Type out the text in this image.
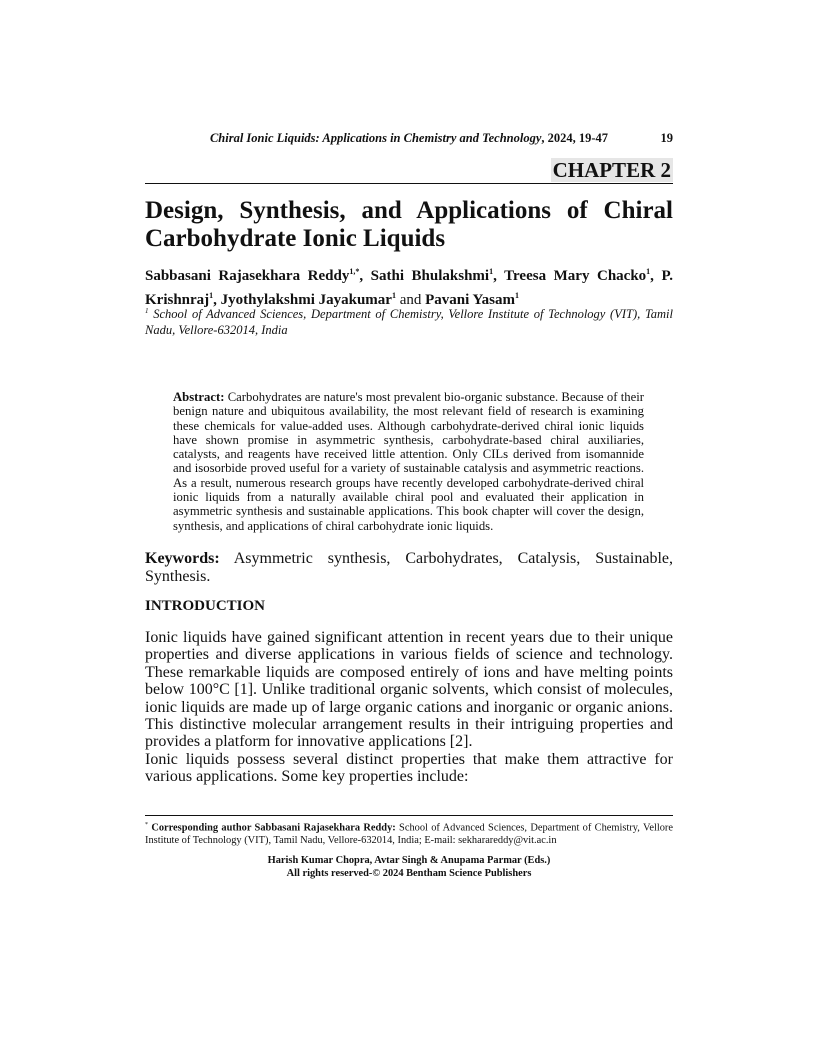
Chiral Ionic Liquids: Applications in Chemistry and Technology, 2024, 19-47	19
CHAPTER 2
Design, Synthesis, and Applications of Chiral
Carbohydrate Ionic Liquids
Sabbasani Rajasekhara Reddy$^{1,*}$, Sathi Bhulakshmi$^1$, Treesa Mary Chacko$^1$, P. Krishnraj$^1$, Jyothylakshmi Jayakumar$^1$ and Pavani Yasam$^1$
$^1$ School of Advanced Sciences, Department of Chemistry, Vellore Institute of Technology (VIT), Tamil Nadu, Vellore-632014, India
Abstract: Carbohydrates are nature's most prevalent bio-organic substance. Because of their benign nature and ubiquitous availability, the most relevant field of research is examining these chemicals for value-added uses. Although carbohydrate-derived chiral ionic liquids have shown promise in asymmetric synthesis, carbohydrate-based chiral auxiliaries, catalysts, and reagents have received little attention. Only CILs derived from isomannide and isosorbide proved useful for a variety of sustainable catalysis and asymmetric reactions. As a result, numerous research groups have recently developed carbohydrate-derived chiral ionic liquids from a naturally available chiral pool and evaluated their application in asymmetric synthesis and sustainable applications. This book chapter will cover the design, synthesis, and applications of chiral carbohydrate ionic liquids.
Keywords: Asymmetric synthesis, Carbohydrates, Catalysis, Sustainable, Synthesis.
INTRODUCTION
Ionic liquids have gained significant attention in recent years due to their unique properties and diverse applications in various fields of science and technology. These remarkable liquids are composed entirely of ions and have melting points below 100°C [1]. Unlike traditional organic solvents, which consist of molecules, ionic liquids are made up of large organic cations and inorganic or organic anions. This distinctive molecular arrangement results in their intriguing properties and provides a platform for innovative applications [2].
Ionic liquids possess several distinct properties that make them attractive for various applications. Some key properties include:
* Corresponding author Sabbasani Rajasekhara Reddy: School of Advanced Sciences, Department of Chemistry, Vellore Institute of Technology (VIT), Tamil Nadu, Vellore-632014, India; E-mail: sekharareddy@vit.ac.in
Harish Kumar Chopra, Avtar Singh & Anupama Parmar (Eds.)
All rights reserved-© 2024 Bentham Science Publishers
